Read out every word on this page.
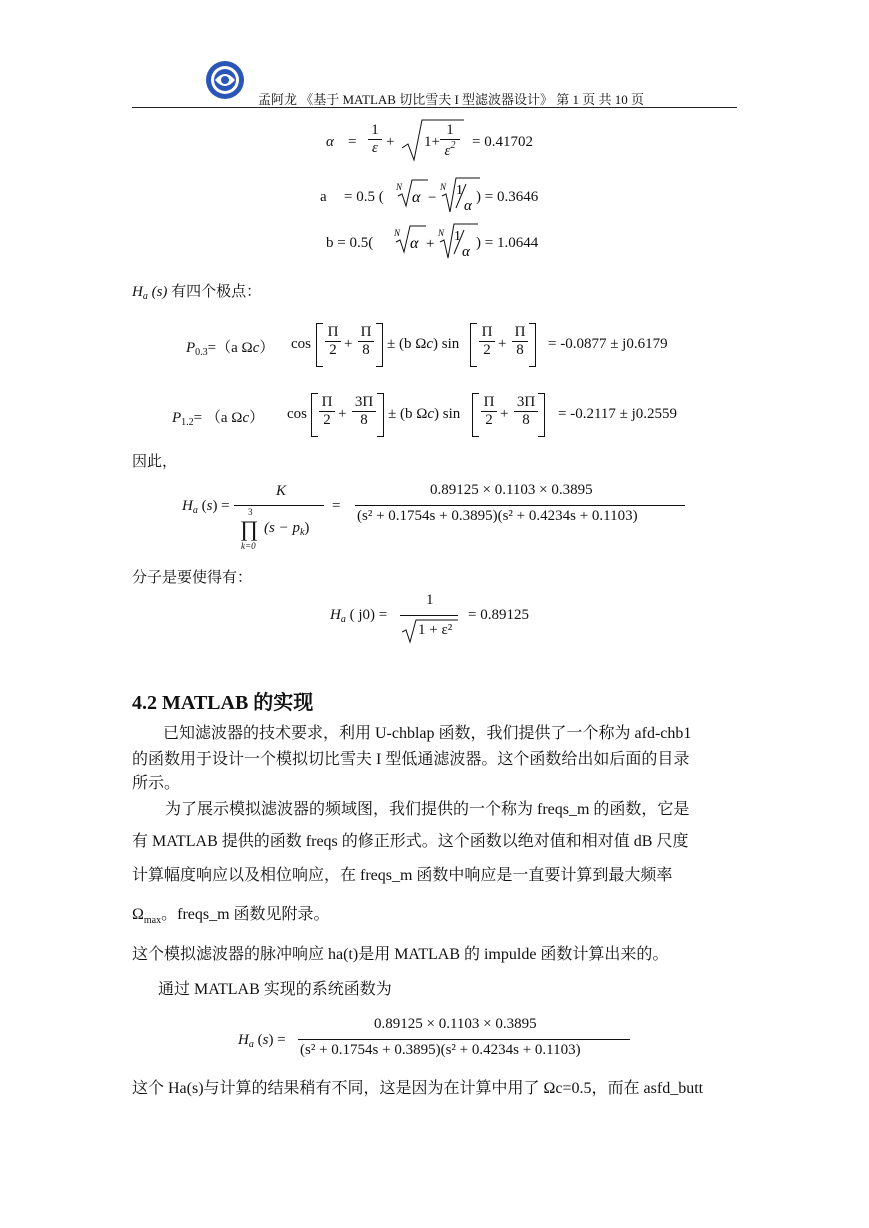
孟阿龙 《基于 MATLAB 切比雪夫 I 型滤波器设计》 第 1 页 共 10 页
α =
1
ε + 1+
1
$\varepsilon^2$	= 0.41702
a = 0.5 (
N
α −
N 1
α
) = 0.3646
b = 0.5(
N
α +
N 1
α
) = 1.0644
$H_a$ (s) 有四个极点：
$P_{0.3}=(a$ Ωc） cos
Π
2 +
Π
8 ± (b Ωc) sin
Π
2 +
Π
8 = -0.0877 ± j0.6179
$P_{1.2}= (a$ Ωc） cos
Π
2 +
3Π
8	± (b Ωc) sin
Π
2 +
3Π
8	= -0.2117 ± j0.2559
因此，
$H_a$ (s) =
K
3
∏
k=0
$(s - p_k)$
=
0.89125 × 0.1103 × 0.3895
(s² + 0.1754s + 0.3895)(s² + 0.4234s + 0.1103)
分子是要使得有：
$H_a$ ( j0) =
1
1 + ε²
= 0.89125
4.2 MATLAB 的实现
已知滤波器的技术要求，利用 U-chblap 函数，我们提供了一个称为 afd-chb1
的函数用于设计一个模拟切比雪夫 I 型低通滤波器。这个函数给出如后面的目录
所示。
为了展示模拟滤波器的频域图，我们提供的一个称为 freqs_m 的函数，它是
有 MATLAB 提供的函数 freqs 的修正形式。这个函数以绝对值和相对值 dB 尺度
计算幅度响应以及相位响应，在 freqs_m 函数中响应是一直要计算到最大频率
$\Omega_{max}$。freqs_m 函数见附录。
这个模拟滤波器的脉冲响应 ha(t)是用 MATLAB 的 impulde 函数计算出来的。
通过 MATLAB 实现的系统函数为
$H_a$ (s) =
0.89125 × 0.1103 × 0.3895
(s² + 0.1754s + 0.3895)(s² + 0.4234s + 0.1103)
这个 Ha(s)与计算的结果稍有不同，这是因为在计算中用了 Ωc=0.5，而在 asfd_butt
